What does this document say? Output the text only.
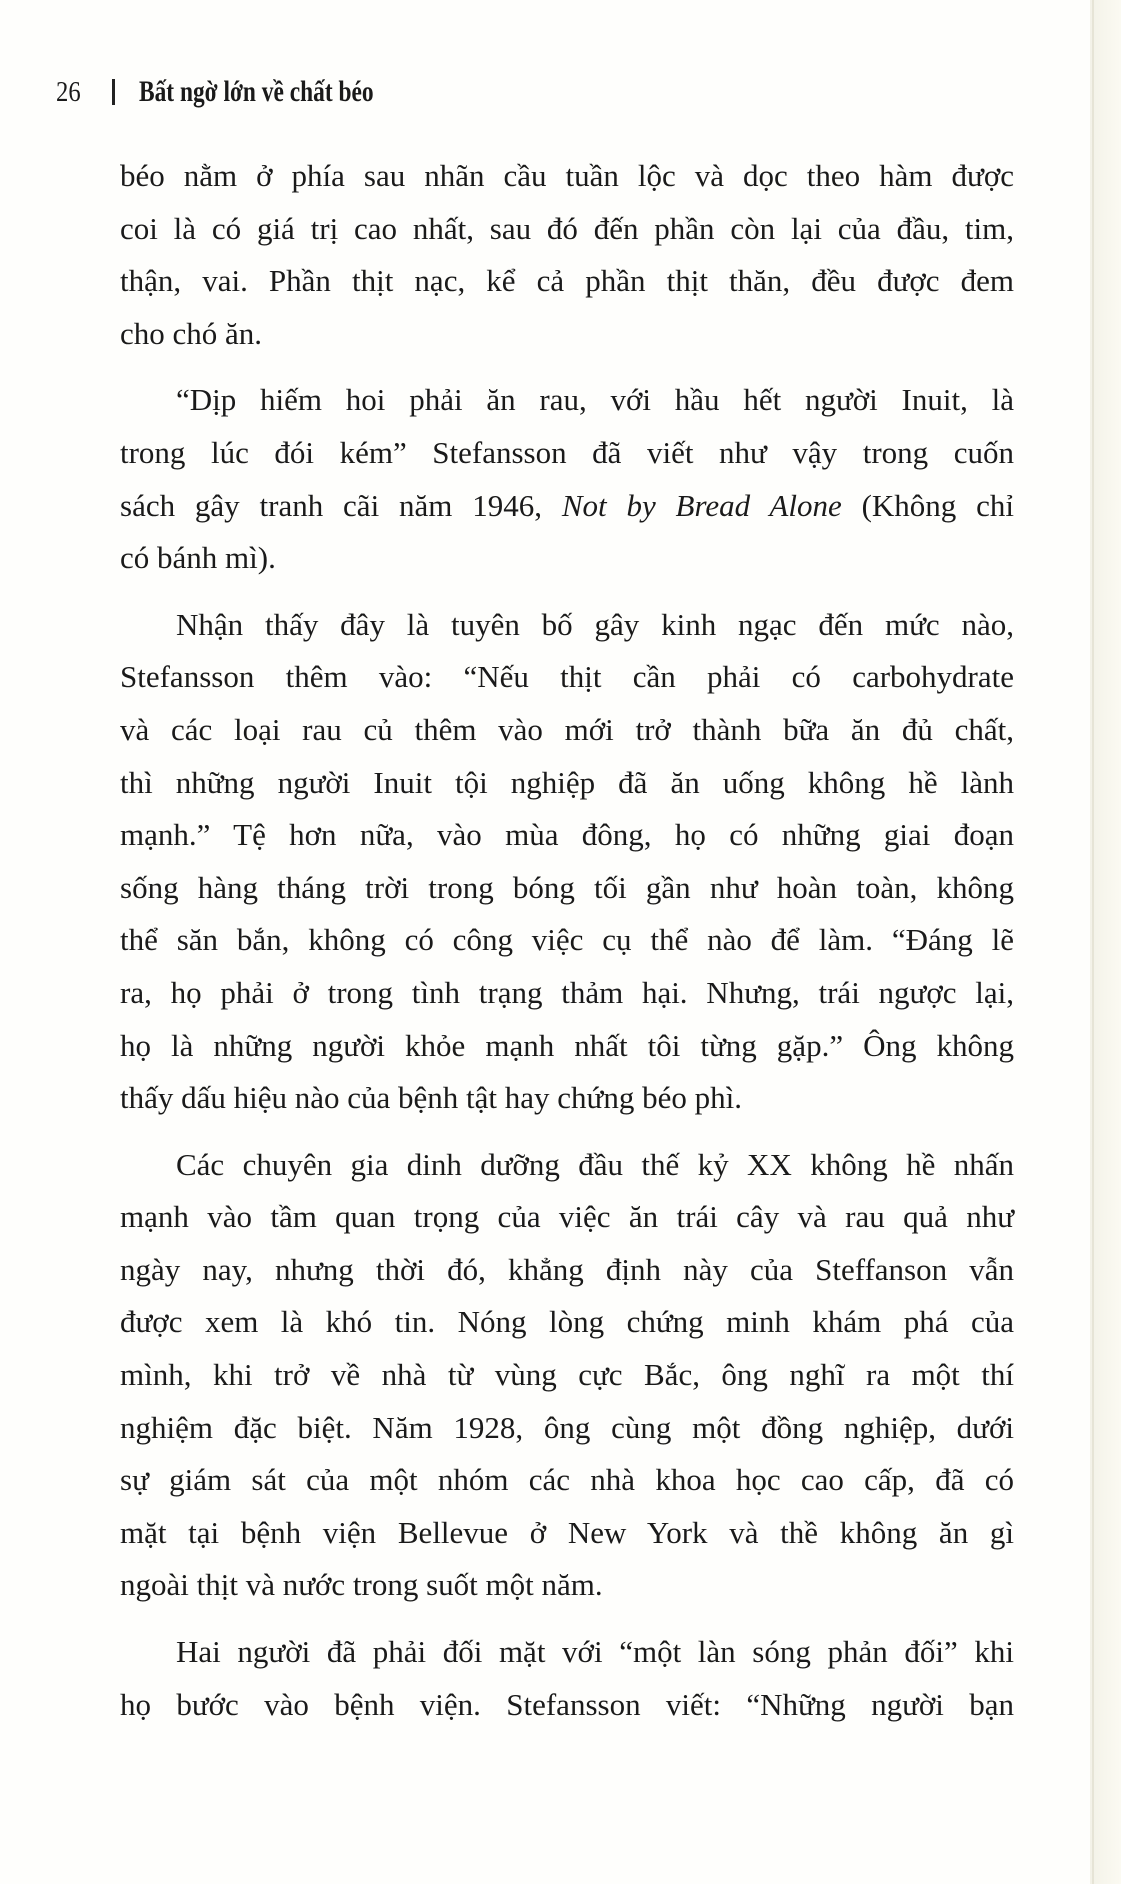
26	Bất ngờ lớn về chất béo
béo nằm ở phía sau nhãn cầu tuần lộc và dọc theo hàm được
coi là có giá trị cao nhất, sau đó đến phần còn lại của đầu, tim,
thận, vai. Phần thịt nạc, kể cả phần thịt thăn, đều được đem
cho chó ăn.
“Dịp hiếm hoi phải ăn rau, với hầu hết người Inuit, là
trong lúc đói kém” Stefansson đã viết như vậy trong cuốn
sách gây tranh cãi năm 1946, Not by Bread Alone (Không chỉ
có bánh mì).
Nhận thấy đây là tuyên bố gây kinh ngạc đến mức nào,
Stefansson thêm vào: “Nếu thịt cần phải có carbohydrate
và các loại rau củ thêm vào mới trở thành bữa ăn đủ chất,
thì những người Inuit tội nghiệp đã ăn uống không hề lành
mạnh.” Tệ hơn nữa, vào mùa đông, họ có những giai đoạn
sống hàng tháng trời trong bóng tối gần như hoàn toàn, không
thể săn bắn, không có công việc cụ thể nào để làm. “Đáng lẽ
ra, họ phải ở trong tình trạng thảm hại. Nhưng, trái ngược lại,
họ là những người khỏe mạnh nhất tôi từng gặp.” Ông không
thấy dấu hiệu nào của bệnh tật hay chứng béo phì.
Các chuyên gia dinh dưỡng đầu thế kỷ XX không hề nhấn
mạnh vào tầm quan trọng của việc ăn trái cây và rau quả như
ngày nay, nhưng thời đó, khẳng định này của Steffanson vẫn
được xem là khó tin. Nóng lòng chứng minh khám phá của
mình, khi trở về nhà từ vùng cực Bắc, ông nghĩ ra một thí
nghiệm đặc biệt. Năm 1928, ông cùng một đồng nghiệp, dưới
sự giám sát của một nhóm các nhà khoa học cao cấp, đã có
mặt tại bệnh viện Bellevue ở New York và thề không ăn gì
ngoài thịt và nước trong suốt một năm.
Hai người đã phải đối mặt với “một làn sóng phản đối” khi
họ bước vào bệnh viện. Stefansson viết: “Những người bạn
